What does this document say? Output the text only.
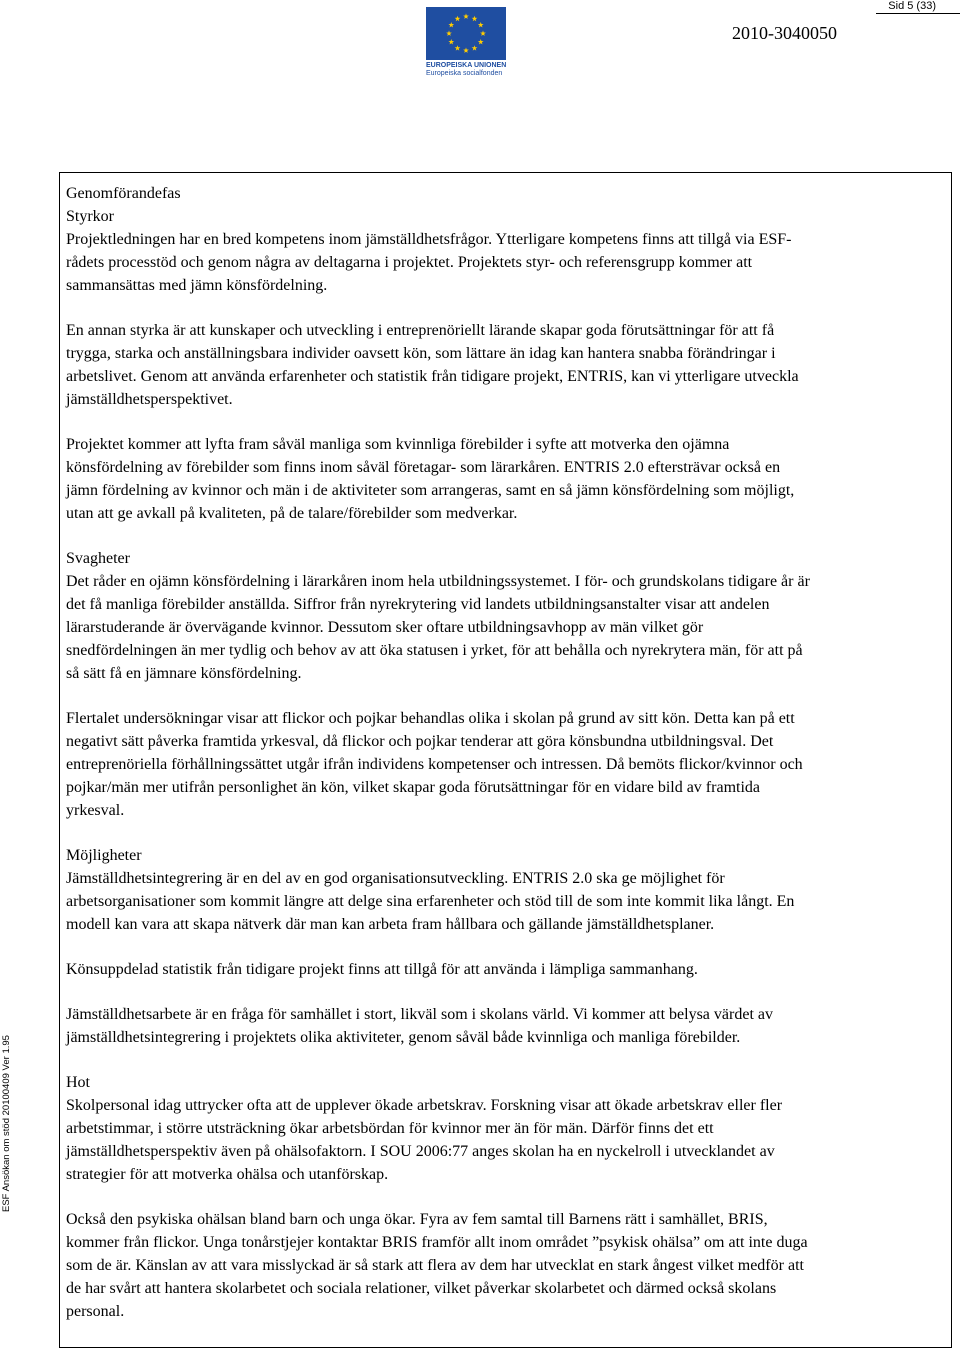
Sid 5 (33)
EUROPEISKA UNIONEN
Europeiska socialfonden
2010-3040050
ESF Ansökan om stöd 20100409 Ver 1.95

Genomförandefas
Styrkor
Projektledningen har en bred kompetens inom jämställdhetsfrågor. Ytterligare kompetens finns att tillgå via ESF-
rådets processtöd och genom några av deltagarna i projektet. Projektets styr- och referensgrupp kommer att
sammansättas med jämn könsfördelning.

En annan styrka är att kunskaper och utveckling i entreprenöriellt lärande skapar goda förutsättningar för att få
trygga, starka och anställningsbara individer oavsett kön, som lättare än idag kan hantera snabba förändringar i
arbetslivet. Genom att använda erfarenheter och statistik från tidigare projekt, ENTRIS, kan vi ytterligare utveckla
jämställdhetsperspektivet.

Projektet kommer att lyfta fram såväl manliga som kvinnliga förebilder i syfte att motverka den ojämna
könsfördelning av förebilder som finns inom såväl företagar- som lärarkåren. ENTRIS 2.0 eftersträvar också en
jämn fördelning av kvinnor och män i de aktiviteter som arrangeras, samt en så jämn könsfördelning som möjligt,
utan att ge avkall på kvaliteten, på de talare/förebilder som medverkar.

Svagheter
Det råder en ojämn könsfördelning i lärarkåren inom hela utbildningssystemet. I för- och grundskolans tidigare år är
det få manliga förebilder anställda. Siffror från nyrekrytering vid landets utbildningsanstalter visar att andelen
lärarstuderande är övervägande kvinnor. Dessutom sker oftare utbildningsavhopp av män vilket gör
snedfördelningen än mer tydlig och behov av att öka statusen i yrket, för att behålla och nyrekrytera män, för att på
så sätt få en jämnare könsfördelning.

Flertalet undersökningar visar att flickor och pojkar behandlas olika i skolan på grund av sitt kön. Detta kan på ett
negativt sätt påverka framtida yrkesval, då flickor och pojkar tenderar att göra könsbundna utbildningsval. Det
entreprenöriella förhållningssättet utgår ifrån individens kompetenser och intressen. Då bemöts flickor/kvinnor och
pojkar/män mer utifrån personlighet än kön, vilket skapar goda förutsättningar för en vidare bild av framtida
yrkesval.

Möjligheter
Jämställdhetsintegrering är en del av en god organisationsutveckling. ENTRIS 2.0 ska ge möjlighet för
arbetsorganisationer som kommit längre att delge sina erfarenheter och stöd till de som inte kommit lika långt. En
modell kan vara att skapa nätverk där man kan arbeta fram hållbara och gällande jämställdhetsplaner.

Könsuppdelad statistik från tidigare projekt finns att tillgå för att använda i lämpliga sammanhang.

Jämställdhetsarbete är en fråga för samhället i stort, likväl som i skolans värld. Vi kommer att belysa värdet av
jämställdhetsintegrering i projektets olika aktiviteter, genom såväl både kvinnliga och manliga förebilder.

Hot
Skolpersonal idag uttrycker ofta att de upplever ökade arbetskrav. Forskning visar att ökade arbetskrav eller fler
arbetstimmar, i större utsträckning ökar arbetsbördan för kvinnor mer än för män. Därför finns det ett
jämställdhetsperspektiv även på ohälsofaktorn. I SOU 2006:77 anges skolan ha en nyckelroll i utvecklandet av
strategier för att motverka ohälsa och utanförskap.

Också den psykiska ohälsan bland barn och unga ökar. Fyra av fem samtal till Barnens rätt i samhället, BRIS,
kommer från flickor. Unga tonårstjejer kontaktar BRIS framför allt inom området ”psykisk ohälsa” om att inte duga
som de är. Känslan av att vara misslyckad är så stark att flera av dem har utvecklat en stark ångest vilket medför att
de har svårt att hantera skolarbetet och sociala relationer, vilket påverkar skolarbetet och därmed också skolans
personal.
